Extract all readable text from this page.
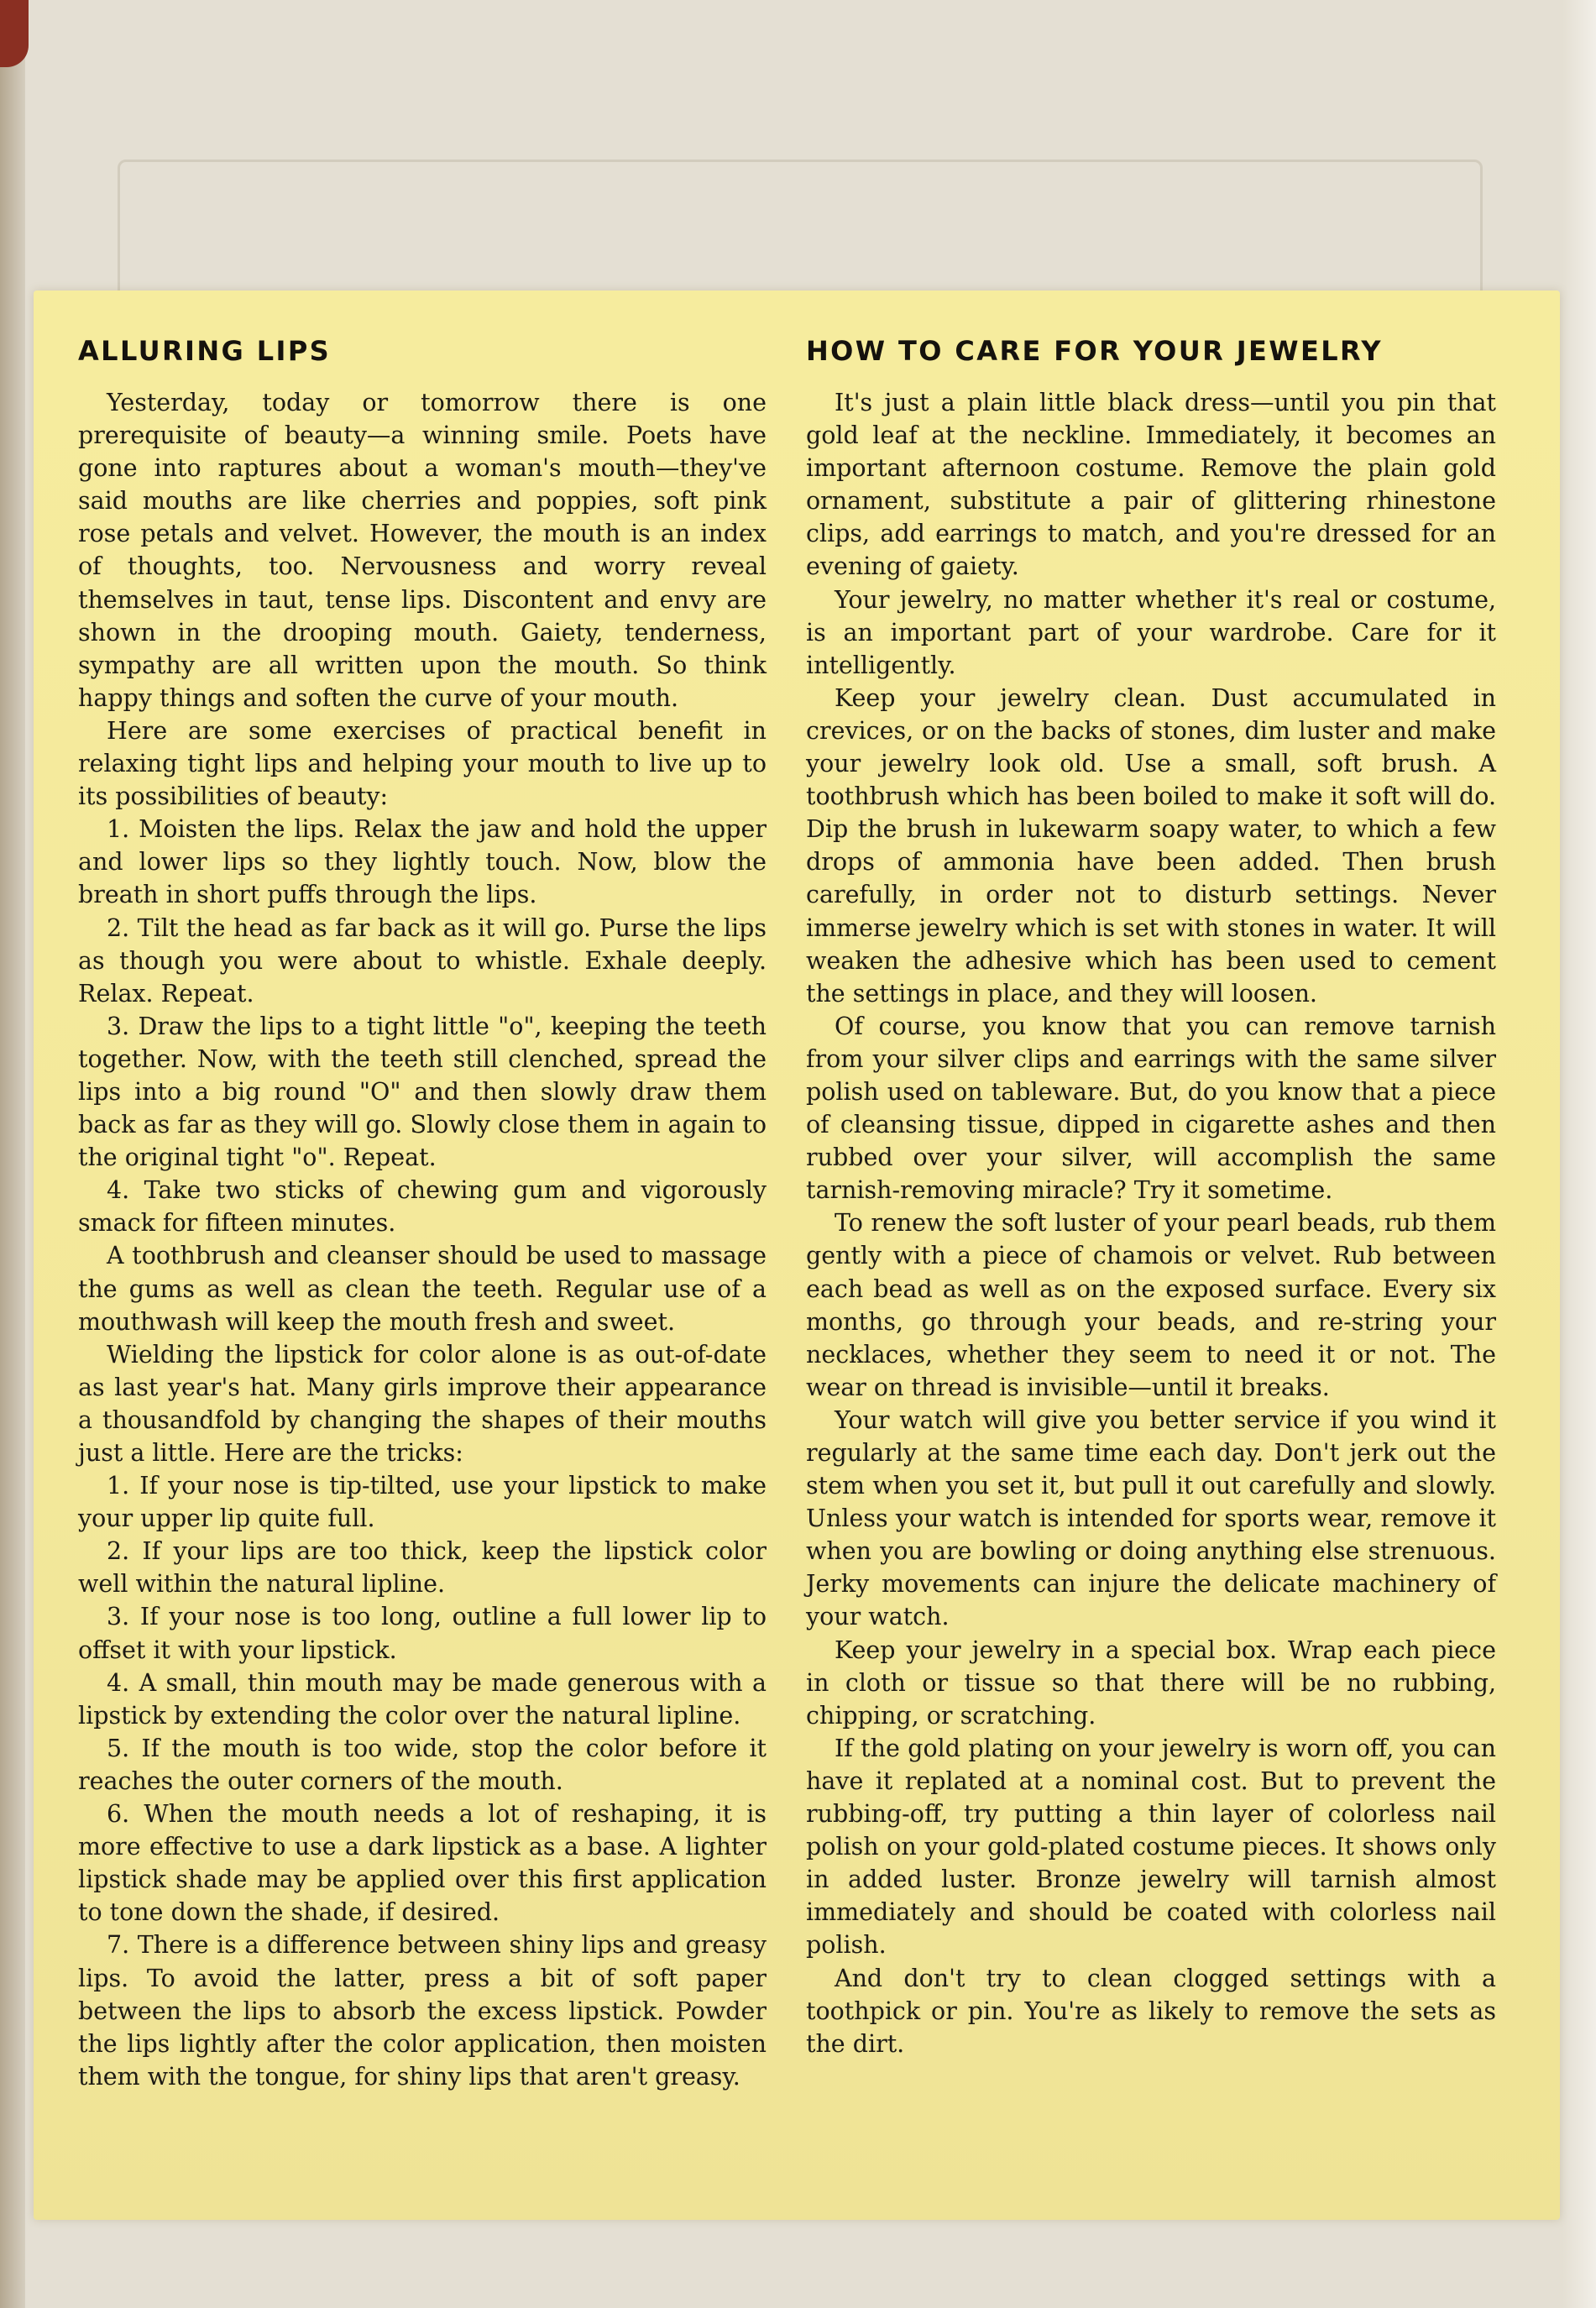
ALLURING LIPS

Yesterday, today or tomorrow there is one prerequisite of beauty—a winning smile. Poets have gone into raptures about a woman's mouth—they've said mouths are like cherries and poppies, soft pink rose petals and velvet. However, the mouth is an index of thoughts, too. Nervousness and worry reveal themselves in taut, tense lips. Discontent and envy are shown in the drooping mouth. Gaiety, tenderness, sympathy are all written upon the mouth. So think happy things and soften the curve of your mouth.

Here are some exercises of practical benefit in relaxing tight lips and helping your mouth to live up to its possibilities of beauty:

1. Moisten the lips. Relax the jaw and hold the upper and lower lips so they lightly touch. Now, blow the breath in short puffs through the lips.

2. Tilt the head as far back as it will go. Purse the lips as though you were about to whistle. Exhale deeply. Relax. Repeat.

3. Draw the lips to a tight little "o", keeping the teeth together. Now, with the teeth still clenched, spread the lips into a big round "O" and then slowly draw them back as far as they will go. Slowly close them in again to the original tight "o". Repeat.

4. Take two sticks of chewing gum and vigorously smack for fifteen minutes.

A toothbrush and cleanser should be used to massage the gums as well as clean the teeth. Regular use of a mouthwash will keep the mouth fresh and sweet.

Wielding the lipstick for color alone is as out-of-date as last year's hat. Many girls improve their appearance a thousandfold by changing the shapes of their mouths just a little. Here are the tricks:

1. If your nose is tip-tilted, use your lipstick to make your upper lip quite full.

2. If your lips are too thick, keep the lipstick color well within the natural lipline.

3. If your nose is too long, outline a full lower lip to offset it with your lipstick.

4. A small, thin mouth may be made generous with a lipstick by extending the color over the natural lipline.

5. If the mouth is too wide, stop the color before it reaches the outer corners of the mouth.

6. When the mouth needs a lot of reshaping, it is more effective to use a dark lipstick as a base. A lighter lipstick shade may be applied over this first application to tone down the shade, if desired.

7. There is a difference between shiny lips and greasy lips. To avoid the latter, press a bit of soft paper between the lips to absorb the excess lipstick. Powder the lips lightly after the color application, then moisten them with the tongue, for shiny lips that aren't greasy.

HOW TO CARE FOR YOUR JEWELRY

It's just a plain little black dress—until you pin that gold leaf at the neckline. Immediately, it becomes an important afternoon costume. Remove the plain gold ornament, substitute a pair of glittering rhinestone clips, add earrings to match, and you're dressed for an evening of gaiety.

Your jewelry, no matter whether it's real or costume, is an important part of your wardrobe. Care for it intelligently.

Keep your jewelry clean. Dust accumulated in crevices, or on the backs of stones, dim luster and make your jewelry look old. Use a small, soft brush. A toothbrush which has been boiled to make it soft will do. Dip the brush in lukewarm soapy water, to which a few drops of ammonia have been added. Then brush carefully, in order not to disturb settings. Never immerse jewelry which is set with stones in water. It will weaken the adhesive which has been used to cement the settings in place, and they will loosen.

Of course, you know that you can remove tarnish from your silver clips and earrings with the same silver polish used on tableware. But, do you know that a piece of cleansing tissue, dipped in cigarette ashes and then rubbed over your silver, will accomplish the same tarnish-removing miracle? Try it sometime.

To renew the soft luster of your pearl beads, rub them gently with a piece of chamois or velvet. Rub between each bead as well as on the exposed surface. Every six months, go through your beads, and re-string your necklaces, whether they seem to need it or not. The wear on thread is invisible—until it breaks.

Your watch will give you better service if you wind it regularly at the same time each day. Don't jerk out the stem when you set it, but pull it out carefully and slowly. Unless your watch is intended for sports wear, remove it when you are bowling or doing anything else strenuous. Jerky movements can injure the delicate machinery of your watch.

Keep your jewelry in a special box. Wrap each piece in cloth or tissue so that there will be no rubbing, chipping, or scratching.

If the gold plating on your jewelry is worn off, you can have it replated at a nominal cost. But to prevent the rubbing-off, try putting a thin layer of colorless nail polish on your gold-plated costume pieces. It shows only in added luster. Bronze jewelry will tarnish almost immediately and should be coated with colorless nail polish.

And don't try to clean clogged settings with a toothpick or pin. You're as likely to remove the sets as the dirt.
